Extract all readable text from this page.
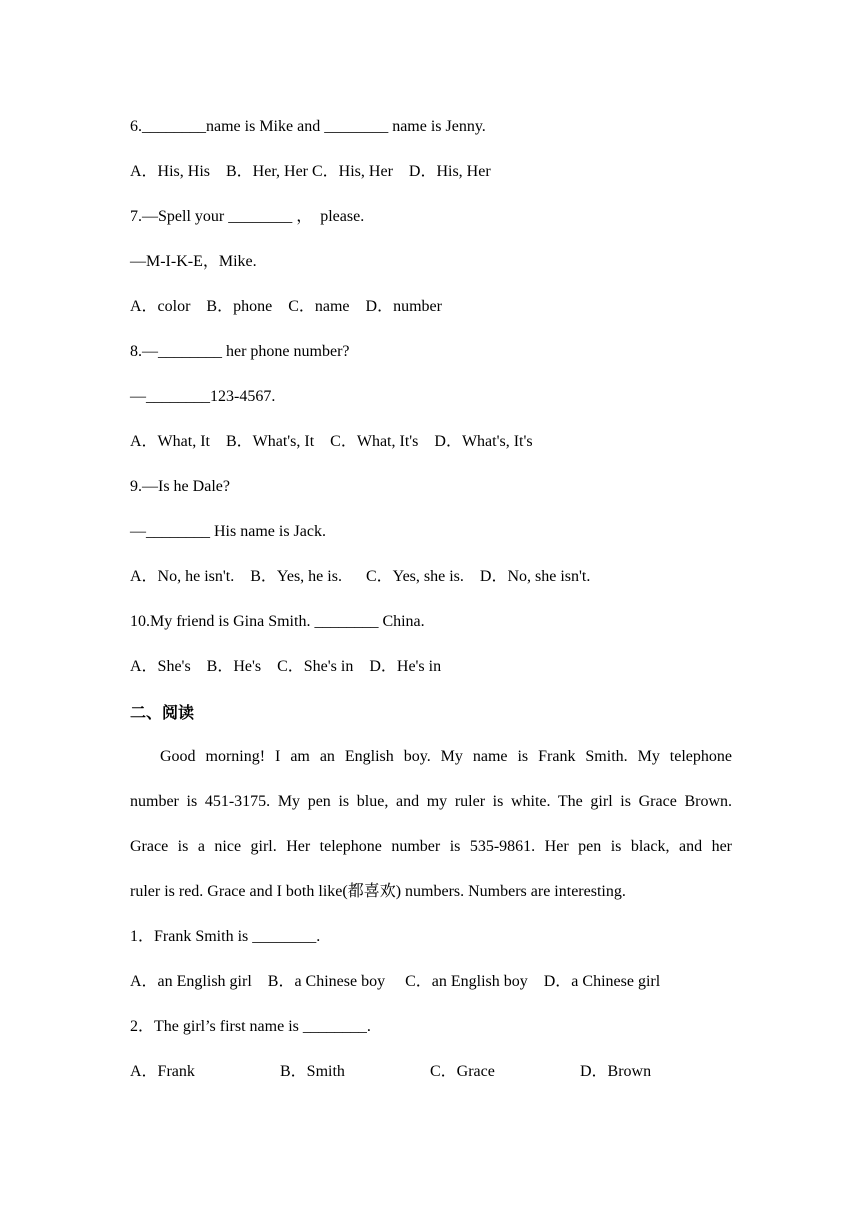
6.________name is Mike and ________ name is Jenny.
A．His, His    B．Her, Her C．His, Her    D．His, Her
7.—Spell your ________ ，  please.
—M-I-K-E，Mike.
A．color    B．phone    C．name    D．number
8.—________ her phone number?
—________123-4567.
A．What, It    B．What's, It    C．What, It's    D．What's, It's
9.—Is he Dale?
—________ His name is Jack.
A．No, he isn't.    B．Yes, he is.      C．Yes, she is.    D．No, she isn't.
10.My friend is Gina Smith. ________ China.
A．She's    B．He's    C．She's in    D．He's in
二、阅读
Good morning! I am an English boy. My name is Frank Smith. My telephone
number is 451-3175. My pen is blue, and my ruler is white. The girl is Grace Brown.
Grace is a nice girl. Her telephone number is 535-9861. Her pen is black, and her
ruler is red. Grace and I both like(都喜欢) numbers. Numbers are interesting.
1．Frank Smith is ________.
A．an English girl    B．a Chinese boy     C．an English boy    D．a Chinese girl
2．The girl’s first name is ________.
A．Frank	B．Smith	C．Grace	D．Brown
